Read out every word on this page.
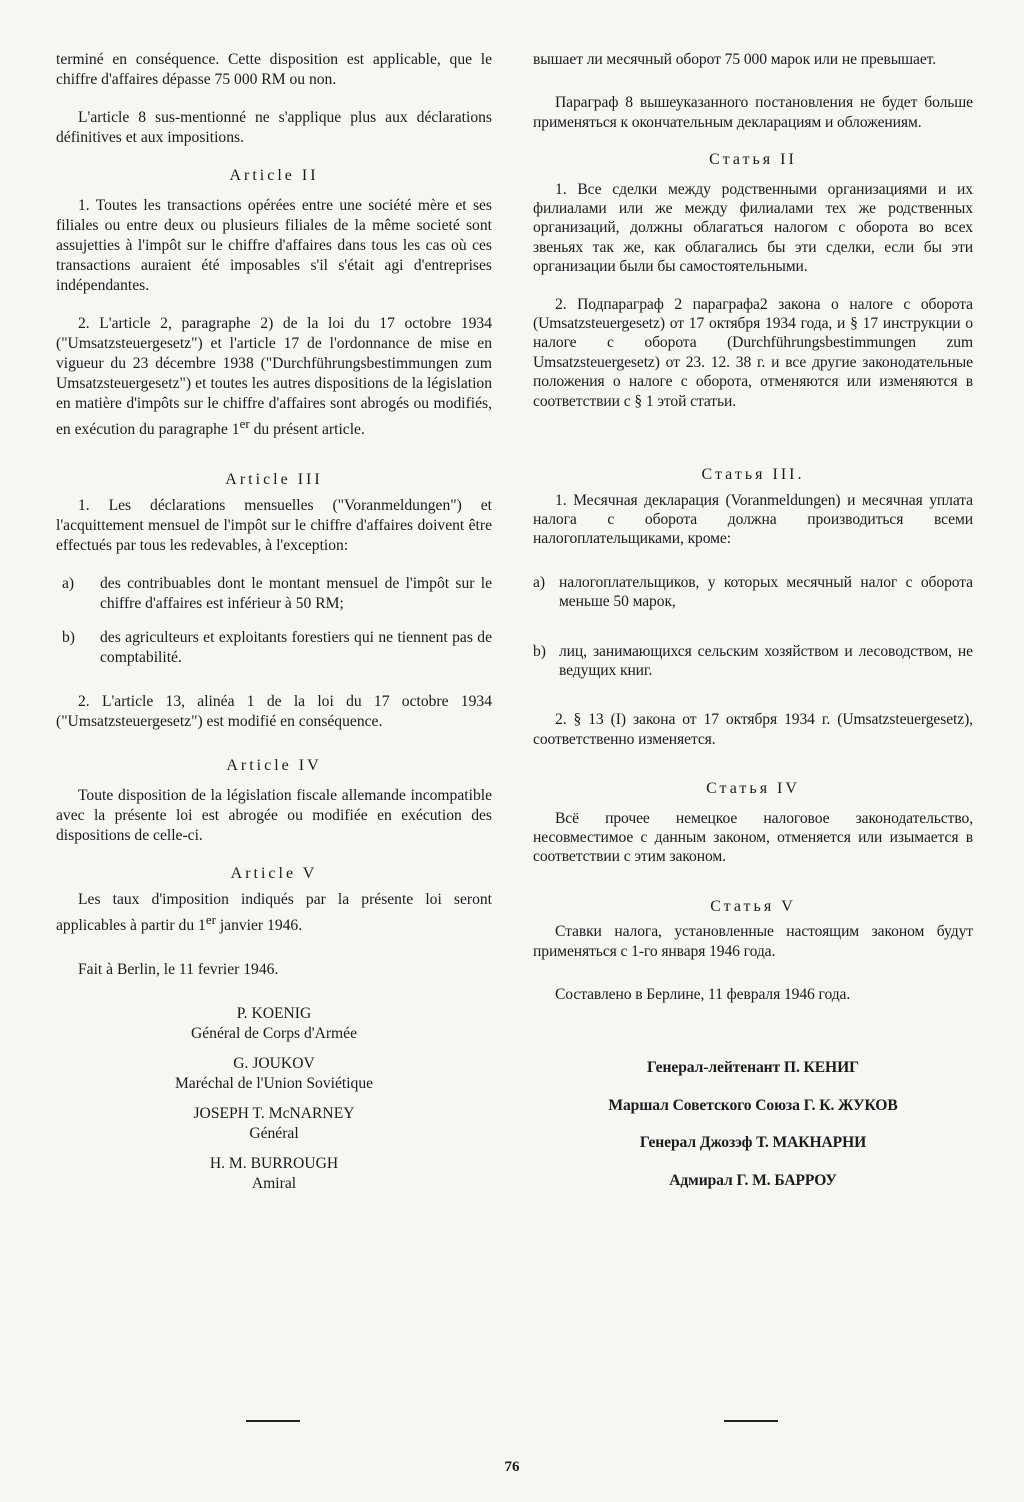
terminé en conséquence. Cette disposition est applicable, que le chiffre d'affaires dépasse 75 000 RM ou non.

L'article 8 sus-mentionné ne s'applique plus aux déclarations définitives et aux impositions.

Article II

1. Toutes les transactions opérées entre une société mère et ses filiales ou entre deux ou plusieurs filiales de la même societé sont assujetties à l'impôt sur le chiffre d'affaires dans tous les cas où ces transactions auraient été imposables s'il s'était agi d'entreprises indépendantes.

2. L'article 2, paragraphe 2) de la loi du 17 octobre 1934 ("Umsatzsteuergesetz") et l'article 17 de l'ordonnance de mise en vigueur du 23 décembre 1938 ("Durchführungsbestimmungen zum Umsatzsteuergesetz") et toutes les autres dispositions de la législation en matière d'impôts sur le chiffre d'affaires sont abrogés ou modifiés, en exécution du paragraphe 1er du présent article.

Article III

1. Les déclarations mensuelles ("Voranmeldungen") et l'acquittement mensuel de l'impôt sur le chiffre d'affaires doivent être effectués par tous les redevables, à l'exception:

a)	des contribuables dont le montant mensuel de l'impôt sur le chiffre d'affaires est inférieur à 50 RM;
b)	des agriculteurs et exploitants forestiers qui ne tiennent pas de comptabilité.

2. L'article 13, alinéa 1 de la loi du 17 octobre 1934 ("Umsatzsteuergesetz") est modifié en conséquence.

Article IV

Toute disposition de la législation fiscale allemande incompatible avec la présente loi est abrogée ou modifiée en exécution des dispositions de celle-ci.

Article V

Les taux d'imposition indiqués par la présente loi seront applicables à partir du 1er janvier 1946.

Fait à Berlin, le 11 fevrier 1946.

P. KOENIG
Général de Corps d'Armée
G. JOUKOV
Maréchal de l'Union Soviétique
JOSEPH T. McNARNEY
Général
H. M. BURROUGH
Amiral

вышает ли месячный оборот 75 000 марок или не превышает.

Параграф 8 вышеуказанного постановления не будет больше применяться к окончательным декларациям и обложениям.

Статья II

1. Все сделки между родственными организациями и их филиалами или же между филиалами тех же родственных организаций, должны облагаться налогом с оборота во всех звеньях так же, как облагались бы эти сделки, если бы эти организации были бы самостоятельными.

2. Подпараграф 2 параграфа2 закона о налоге с оборота (Umsatzsteuergesetz) от 17 октября 1934 года, и § 17 инструкции о налоге с оборота (Durchführungsbestimmungen zum Umsatzsteuergesetz) от 23. 12. 38 г. и все другие законодательные положения о налоге с оборота, отменяются или изменяются в соответствии с § 1 этой статьи.

Статья III.

1. Месячная декларация (Voranmeldungen) и месячная уплата налога с оборота должна производиться всеми налогоплательщиками, кроме:

a) налогоплательщиков, у которых месячный налог с оборота меньше 50 марок,
b) лиц, занимающихся сельским хозяйством и лесоводством, не ведущих книг.

2. § 13 (I) закона от 17 октября 1934 г. (Umsatzsteuergesetz), соответственно изменяется.

Статья IV

Всё прочее немецкое налоговое законодательство, несовместимое с данным законом, отменяется или изымается в соответствии с этим законом.

Статья V

Ставки налога, установленные настоящим законом будут применяться с 1-го января 1946 года.

Составлено в Берлине, 11 февраля 1946 года.

Генерал-лейтенант П. КЕНИГ

Маршал Советского Союза Г. К. ЖУКОВ

Генерал Джозэф Т. МАКНАРНИ

Адмирал Г. М. БАРРОУ

76
